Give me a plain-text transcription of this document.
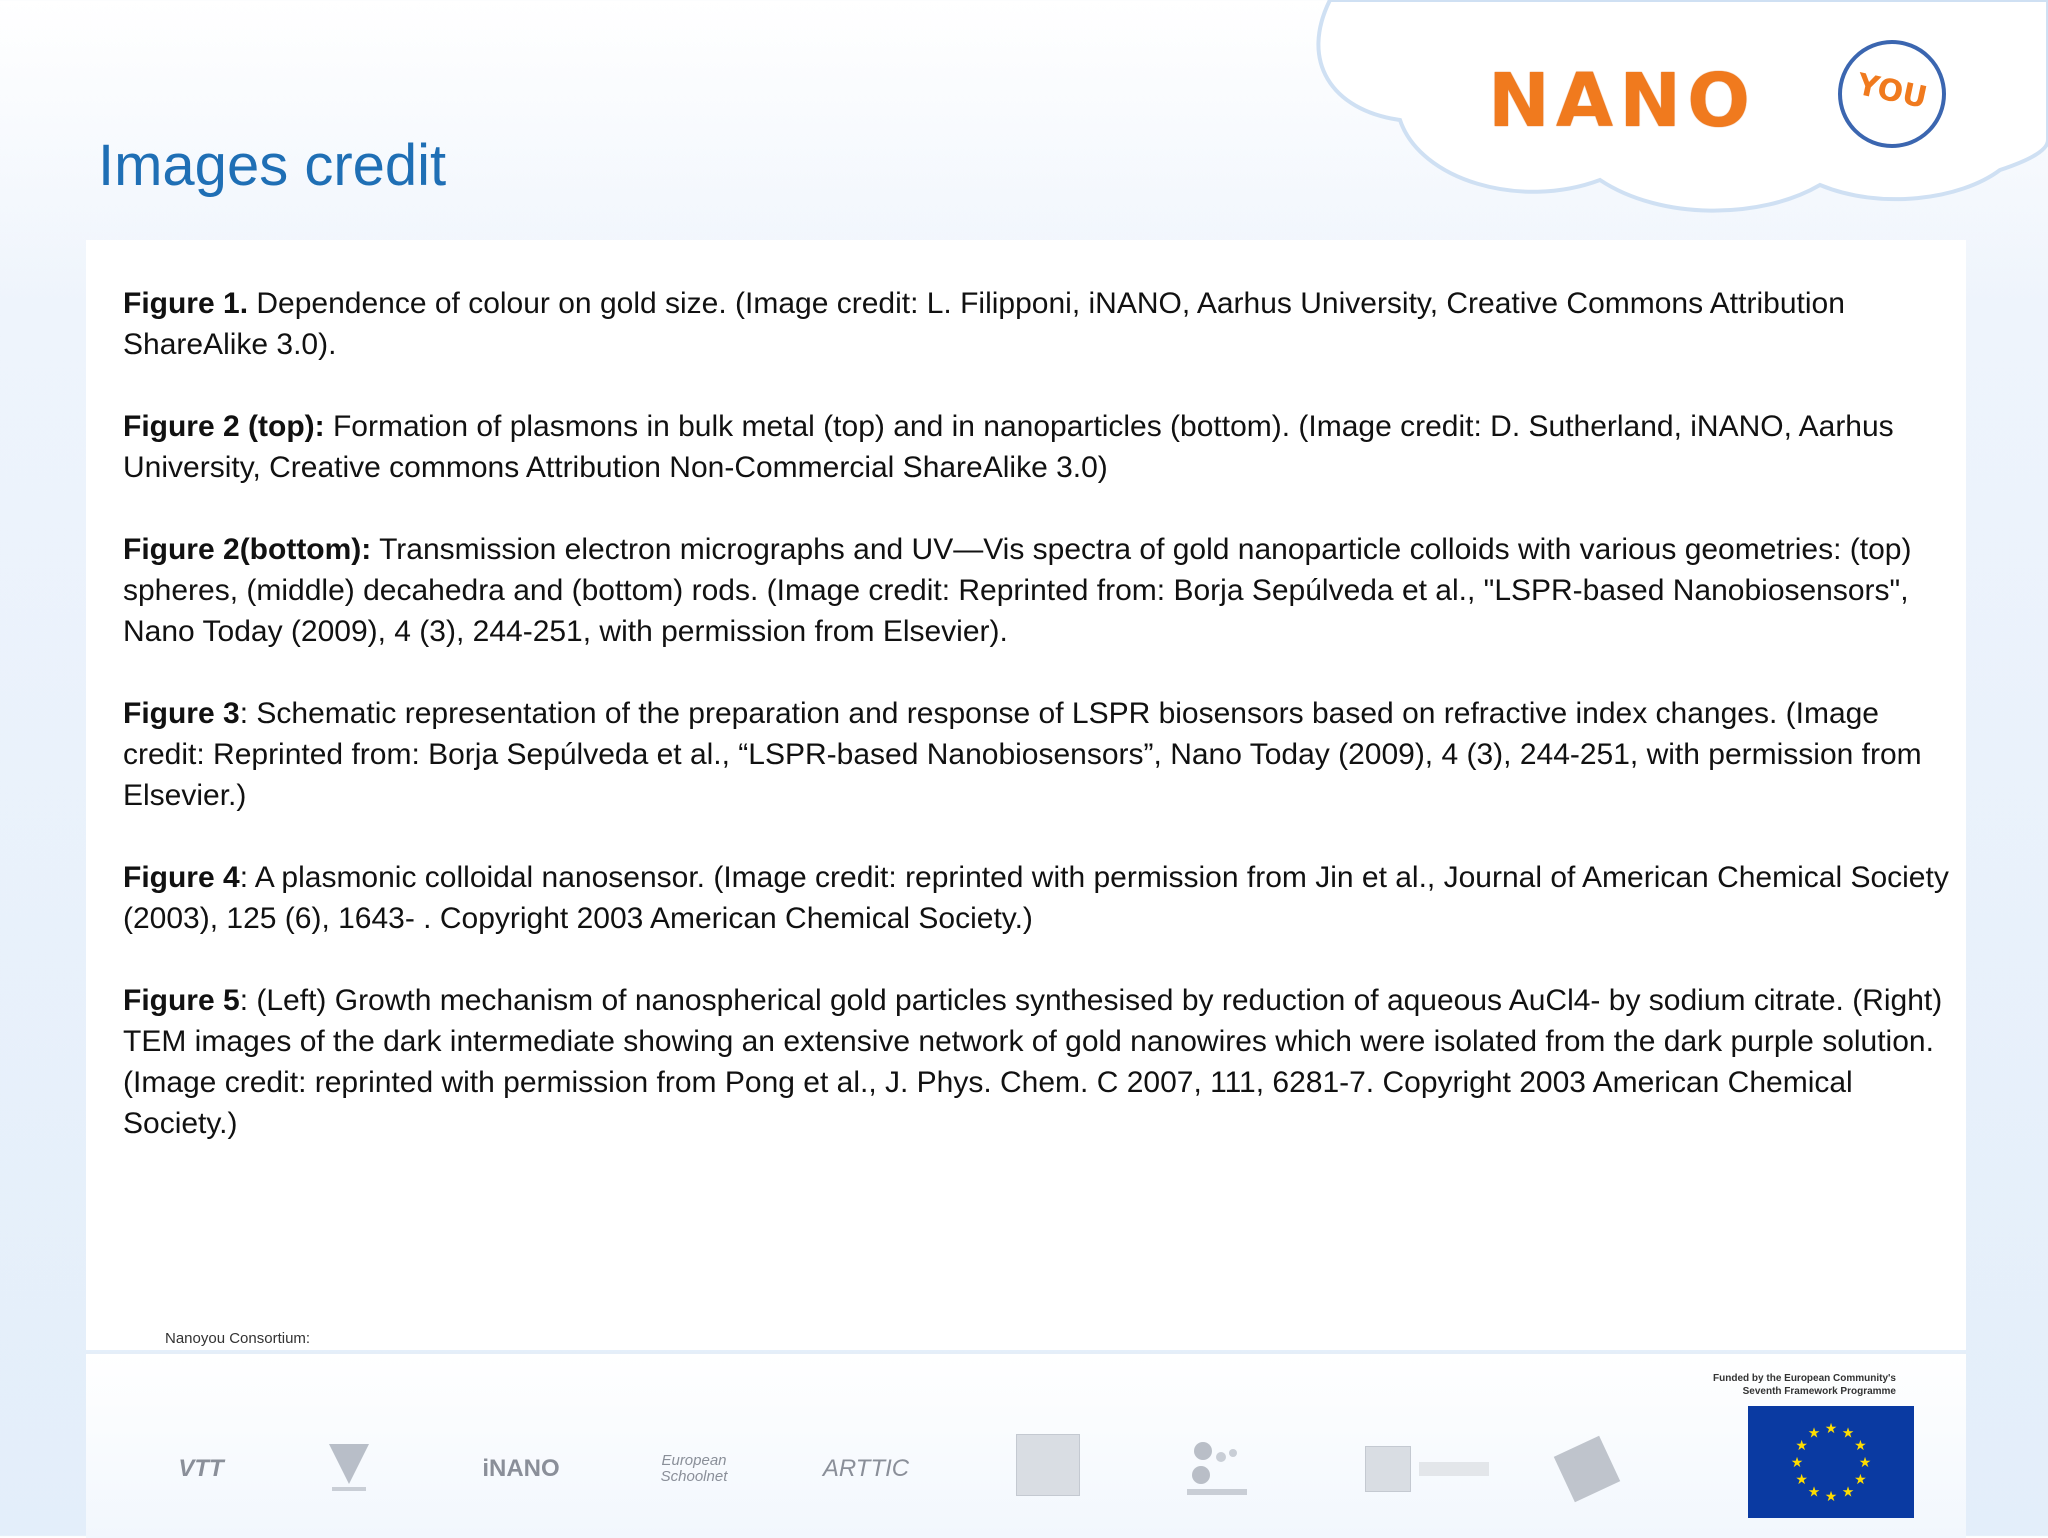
NANO	YOU
Images credit

Figure 1. Dependence of colour on gold size. (Image credit: L. Filipponi, iNANO, Aarhus University, Creative Commons Attribution ShareAlike 3.0).

Figure 2 (top): Formation of plasmons in bulk metal (top) and in nanoparticles (bottom). (Image credit: D. Sutherland, iNANO, Aarhus University, Creative commons Attribution Non-Commercial ShareAlike 3.0)

Figure 2(bottom): Transmission electron micrographs and UV—Vis spectra of gold nanoparticle colloids with various geometries: (top) spheres, (middle) decahedra and (bottom) rods. (Image credit: Reprinted from: Borja Sepúlveda et al., "LSPR-based Nanobiosensors", Nano Today (2009), 4 (3), 244-251, with permission from Elsevier).

Figure 3: Schematic representation of the preparation and response of LSPR biosensors based on refractive index changes. (Image credit: Reprinted from: Borja Sepúlveda et al., “LSPR-based Nanobiosensors”, Nano Today (2009), 4 (3), 244-251, with permission from Elsevier.)

Figure 4: A plasmonic colloidal nanosensor. (Image credit: reprinted with permission from Jin et al., Journal of American Chemical Society (2003), 125 (6), 1643- . Copyright 2003 American Chemical Society.)

Figure 5: (Left) Growth mechanism of nanospherical gold particles synthesised by reduction of aqueous AuCl4- by sodium citrate. (Right) TEM images of the dark intermediate showing an extensive network of gold nanowires which were isolated from the dark purple solution. (Image credit: reprinted with permission from Pong et al., J. Phys. Chem. C 2007, 111, 6281-7. Copyright 2003 American Chemical Society.)

Nanoyou Consortium:
VTT	iNANO	European Schoolnet	ARTTIC
Funded by the European Community's
Seventh Framework Programme
★ ★
★
★
★
★
★
★
★
★
★
★
